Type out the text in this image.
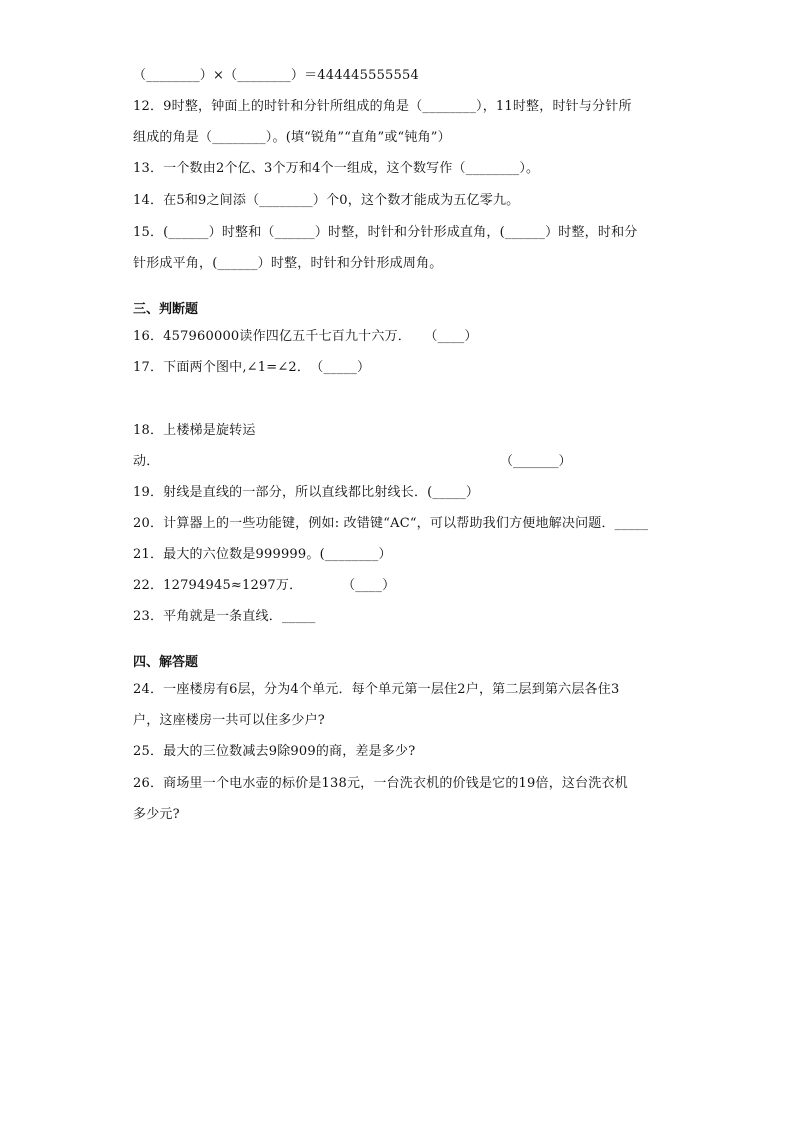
（________）×（________）＝444445555554
12．9时整，钟面上的时针和分针所组成的角是（________），11时整，时针与分针所
组成的角是（________）。(填“锐角”“直角”或“钝角”）
13．一个数由2个亿、3个万和4个一组成，这个数写作（________）。
14．在5和9之间添（________）个0，这个数才能成为五亿零九。
15．(______）时整和（______）时整，时针和分针形成直角，(______）时整，时和分
针形成平角，(______）时整，时针和分针形成周角。
三、判断题
16．457960000读作四亿五千七百九十六万．　　（____）
17．下面两个图中,∠1=∠2．　（_____）
18．上楼梯是旋转运
动．	（_______）
19．射线是直线的一部分，所以直线都比射线长．(_____）
20．计算器上的一些功能键，例如: 改错键“AC“，可以帮助我们方便地解决问题．_____
21．最大的六位数是999999。(________）
22．12794945≈1297万．　　　　（____）
23．平角就是一条直线．_____
四、解答题
24．一座楼房有6层，分为4个单元．每个单元第一层住2户，第二层到第六层各住3
户，这座楼房一共可以住多少户?
25．最大的三位数减去9除909的商，差是多少?
26．商场里一个电水壶的标价是138元，一台洗衣机的价钱是它的19倍，这台洗衣机
多少元?
